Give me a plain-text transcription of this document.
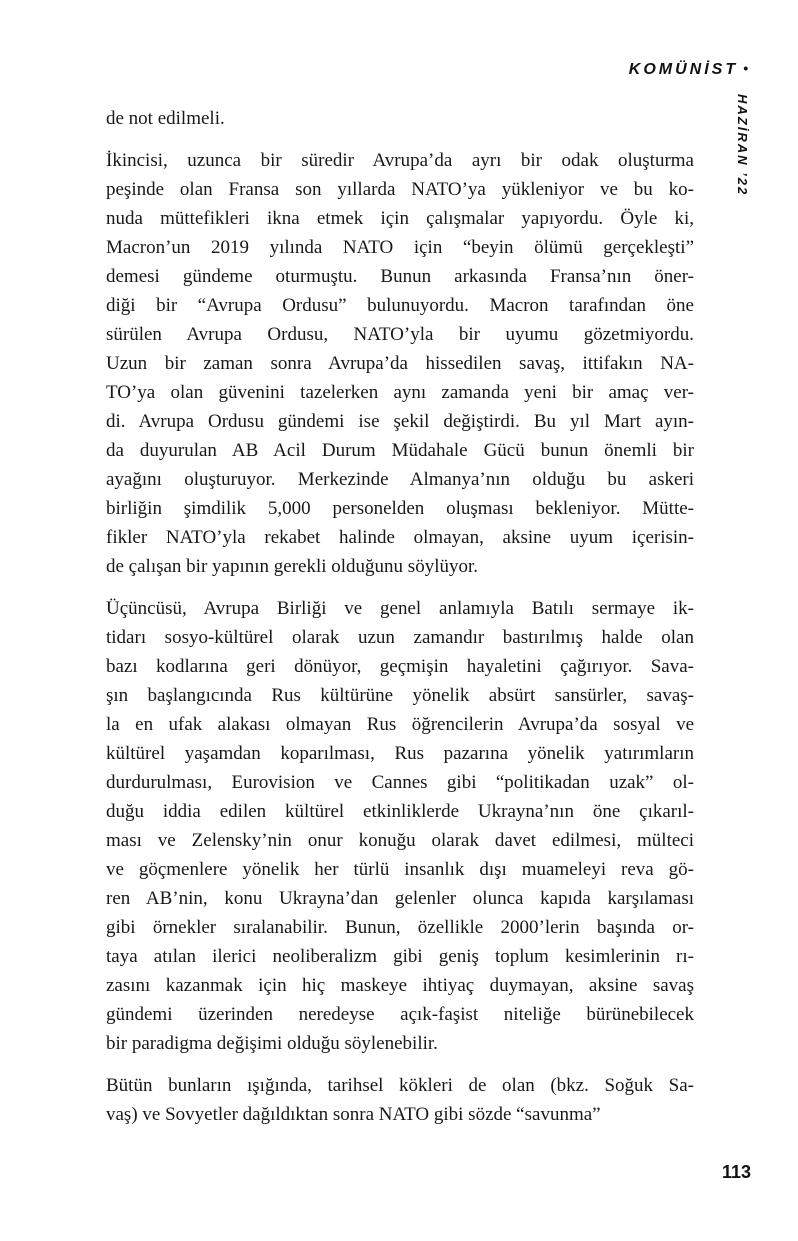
KOMÜNİST •
HAZİRAN ’22

de not edilmeli.

İkincisi, uzunca bir süredir Avrupa’da ayrı bir odak oluşturma
peşinde olan Fransa son yıllarda NATO’ya yükleniyor ve bu ko-
nuda müttefikleri ikna etmek için çalışmalar yapıyordu. Öyle ki,
Macron’un 2019 yılında NATO için “beyin ölümü gerçekleşti”
demesi gündeme oturmuştu. Bunun arkasında Fransa’nın öner-
diği bir “Avrupa Ordusu” bulunuyordu. Macron tarafından öne
sürülen Avrupa Ordusu, NATO’yla bir uyumu gözetmiyordu.
Uzun bir zaman sonra Avrupa’da hissedilen savaş, ittifakın NA-
TO’ya olan güvenini tazelerken aynı zamanda yeni bir amaç ver-
di. Avrupa Ordusu gündemi ise şekil değiştirdi. Bu yıl Mart ayın-
da duyurulan AB Acil Durum Müdahale Gücü bunun önemli bir
ayağını oluşturuyor. Merkezinde Almanya’nın olduğu bu askeri
birliğin şimdilik 5,000 personelden oluşması bekleniyor. Mütte-
fikler NATO’yla rekabet halinde olmayan, aksine uyum içerisin-
de çalışan bir yapının gerekli olduğunu söylüyor.

Üçüncüsü, Avrupa Birliği ve genel anlamıyla Batılı sermaye ik-
tidarı sosyo-kültürel olarak uzun zamandır bastırılmış halde olan
bazı kodlarına geri dönüyor, geçmişin hayaletini çağırıyor. Sava-
şın başlangıcında Rus kültürüne yönelik absürt sansürler, savaş-
la en ufak alakası olmayan Rus öğrencilerin Avrupa’da sosyal ve
kültürel yaşamdan koparılması, Rus pazarına yönelik yatırımların
durdurulması, Eurovision ve Cannes gibi “politikadan uzak” ol-
duğu iddia edilen kültürel etkinliklerde Ukrayna’nın öne çıkarıl-
ması ve Zelensky’nin onur konuğu olarak davet edilmesi, mülteci
ve göçmenlere yönelik her türlü insanlık dışı muameleyi reva gö-
ren AB’nin, konu Ukrayna’dan gelenler olunca kapıda karşılaması
gibi örnekler sıralanabilir. Bunun, özellikle 2000’lerin başında or-
taya atılan ilerici neoliberalizm gibi geniş toplum kesimlerinin rı-
zasını kazanmak için hiç maskeye ihtiyaç duymayan, aksine savaş
gündemi üzerinden neredeyse açık-faşist niteliğe bürünebilecek
bir paradigma değişimi olduğu söylenebilir.

Bütün bunların ışığında, tarihsel kökleri de olan (bkz. Soğuk Sa-
vaş) ve Sovyetler dağıldıktan sonra NATO gibi sözde “savunma”

113
